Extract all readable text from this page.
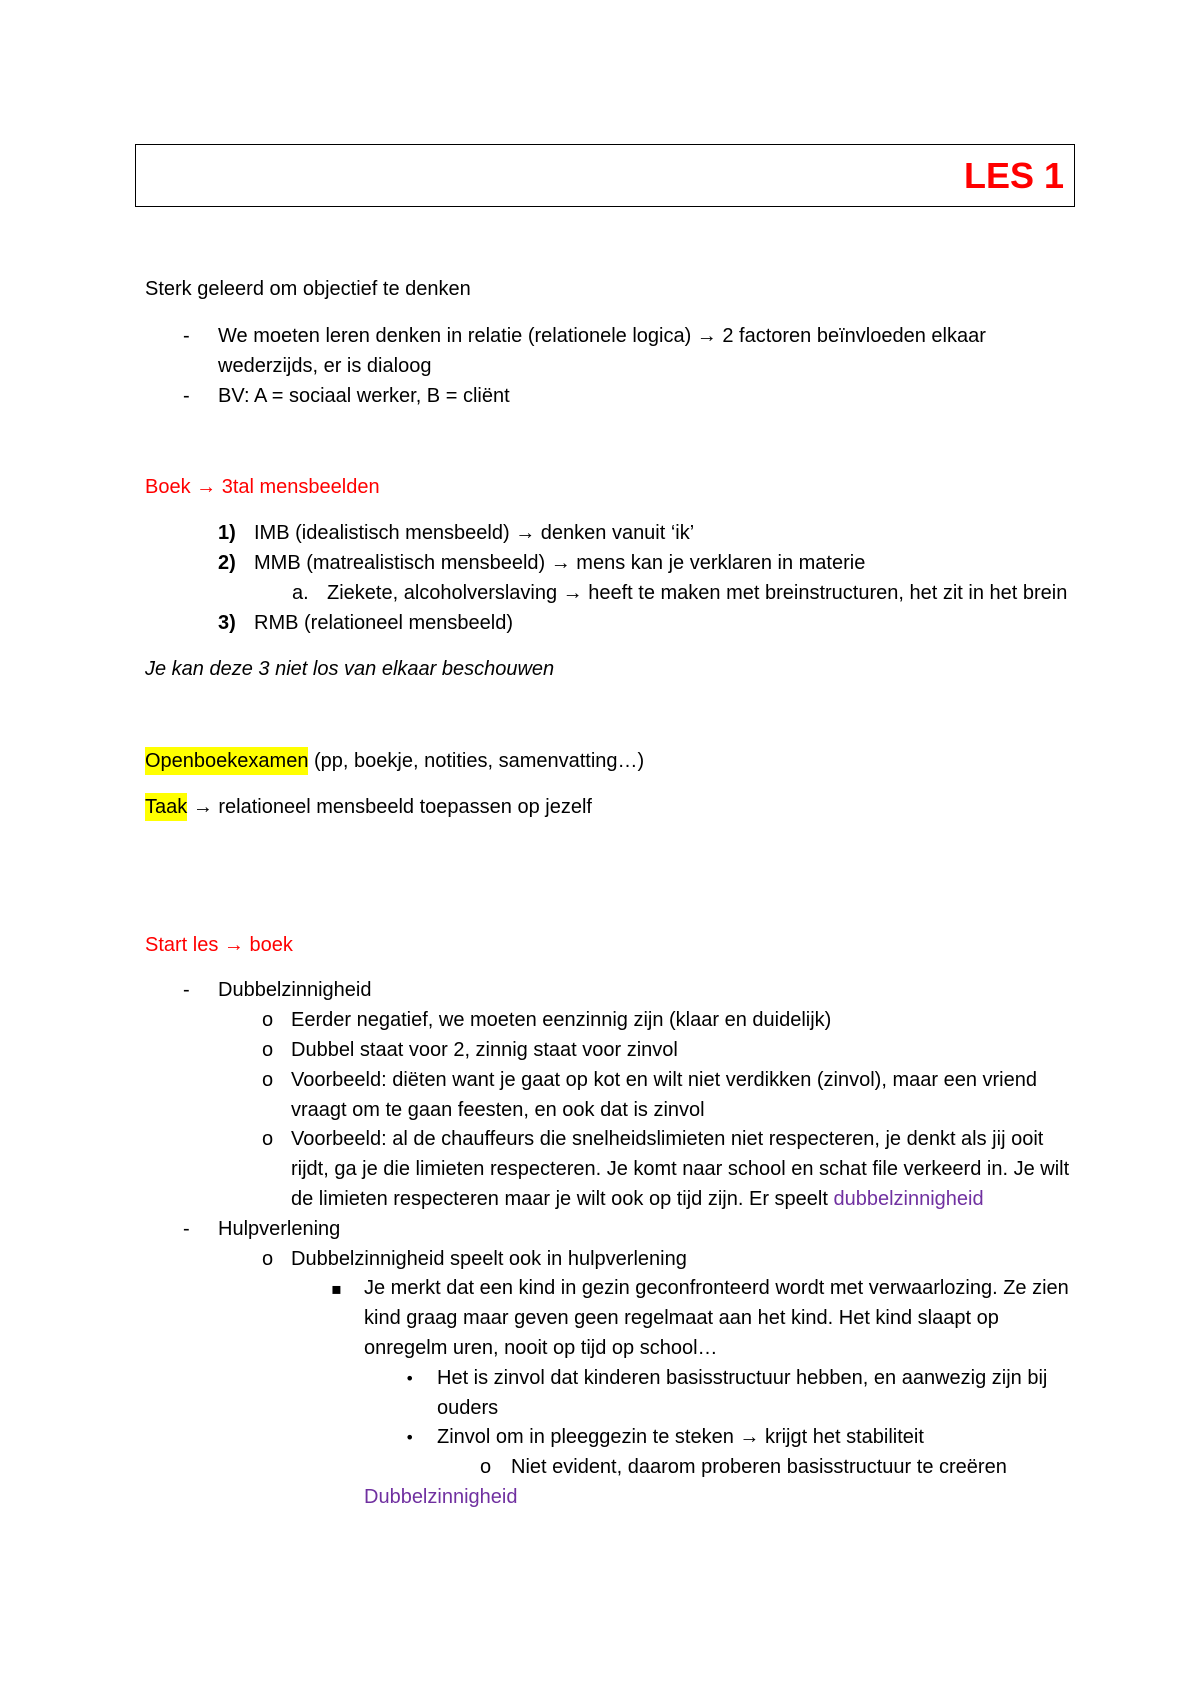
LES 1
Sterk geleerd om objectief te denken
- We moeten leren denken in relatie (relationele logica) → 2 factoren beïnvloeden elkaar wederzijds, er is dialoog
- BV: A = sociaal werker, B = cliënt
Boek → 3tal mensbeelden
1) IMB (idealistisch mensbeeld) → denken vanuit ‘ik’
2) MMB (matrealistisch mensbeeld) → mens kan je verklaren in materie
a. Ziekete, alcoholverslaving → heeft te maken met breinstructuren, het zit in het brein
3) RMB (relationeel mensbeeld)
Je kan deze 3 niet los van elkaar beschouwen
Openboekexamen (pp, boekje, notities, samenvatting…)
Taak → relationeel mensbeeld toepassen op jezelf
Start les → boek
- Dubbelzinnigheid
o Eerder negatief, we moeten eenzinnig zijn (klaar en duidelijk)
o Dubbel staat voor 2, zinnig staat voor zinvol
o Voorbeeld: diëten want je gaat op kot en wilt niet verdikken (zinvol), maar een vriend vraagt om te gaan feesten, en ook dat is zinvol
o Voorbeeld: al de chauffeurs die snelheidslimieten niet respecteren, je denkt als jij ooit rijdt, ga je die limieten respecteren. Je komt naar school en schat file verkeerd in. Je wilt de limieten respecteren maar je wilt ook op tijd zijn. Er speelt dubbelzinnigheid
- Hulpverlening
o Dubbelzinnigheid speelt ook in hulpverlening
▪ Je merkt dat een kind in gezin geconfronteerd wordt met verwaarlozing. Ze zien kind graag maar geven geen regelmaat aan het kind. Het kind slaapt op onregelm uren, nooit op tijd op school…
• Het is zinvol dat kinderen basisstructuur hebben, en aanwezig zijn bij ouders
• Zinvol om in pleeggezin te steken → krijgt het stabiliteit
o Niet evident, daarom proberen basisstructuur te creëren
Dubbelzinnigheid
